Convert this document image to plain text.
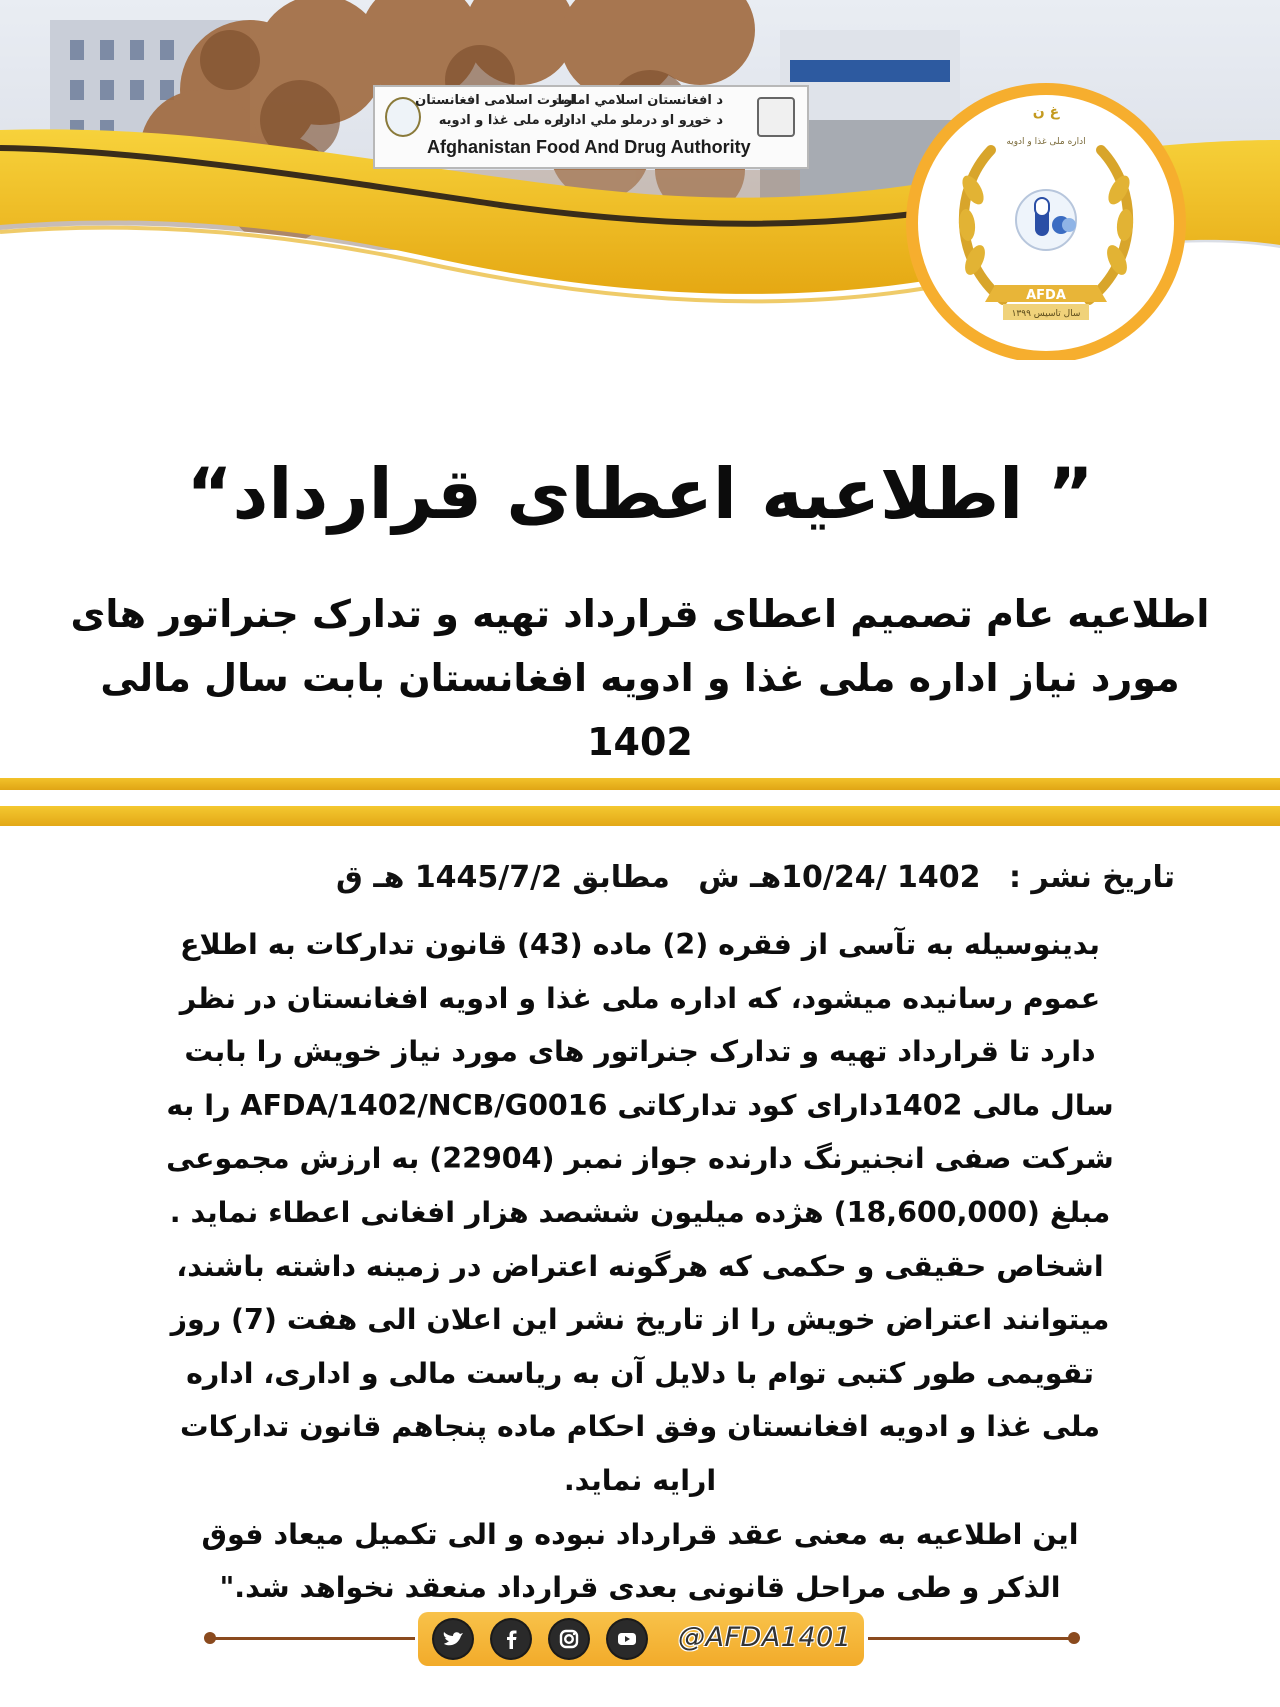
د افغانستان اسلامي امارت
د خوړو او درملو ملي اداره
امارت اسلامی افغانستان
اداره ملی غذا و ادویه
Afghanistan Food And Drug Authority
AFDA
سال تاسیس ۱۳۹۹
غ ن
اداره ملی غذا و ادویه
” اطلاعیه اعطای قرارداد“
اطلاعیه عام تصمیم اعطای قرارداد تهیه و تدارک جنراتور های
مورد نیاز اداره ملی غذا و ادویه افغانستان بابت سال مالی 1402
تاریخ نشر : 1402 /10/24هـ ش مطابق 1445/7/2 هـ ق

بدینوسیله به تآسی از فقره (2) ماده (43) قانون تدارکات به اطلاع

عموم رسانیده میشود، که اداره ملی غذا و ادویه افغانستان در نظر

دارد تا قرارداد تهیه و تدارک جنراتور های مورد نیاز خویش را بابت

سال مالی 1402دارای کود تدارکاتی AFDA/1402/NCB/G0016 را به

شرکت صفی انجنیرنگ دارنده جواز نمبر (22904) به ارزش مجموعی

مبلغ (18,600,000) هژده میلیون ششصد هزار افغانی اعطاء نماید .

اشخاص حقیقی و حکمی که هرگونه اعتراض در زمینه داشته باشند،

میتوانند اعتراض خویش را از تاریخ نشر این اعلان الی هفت (7) روز

تقویمی طور کتبی توام با دلایل آن به ریاست مالی و اداری، اداره

ملی غذا و ادویه افغانستان وفق احکام ماده پنجاهم قانون تدارکات

ارایه نماید.

این اطلاعیه به معنی عقد قرارداد نبوده و الی تکمیل میعاد فوق

الذکر و طی مراحل قانونی بعدی قرارداد منعقد نخواهد شد."

@AFDA1401
